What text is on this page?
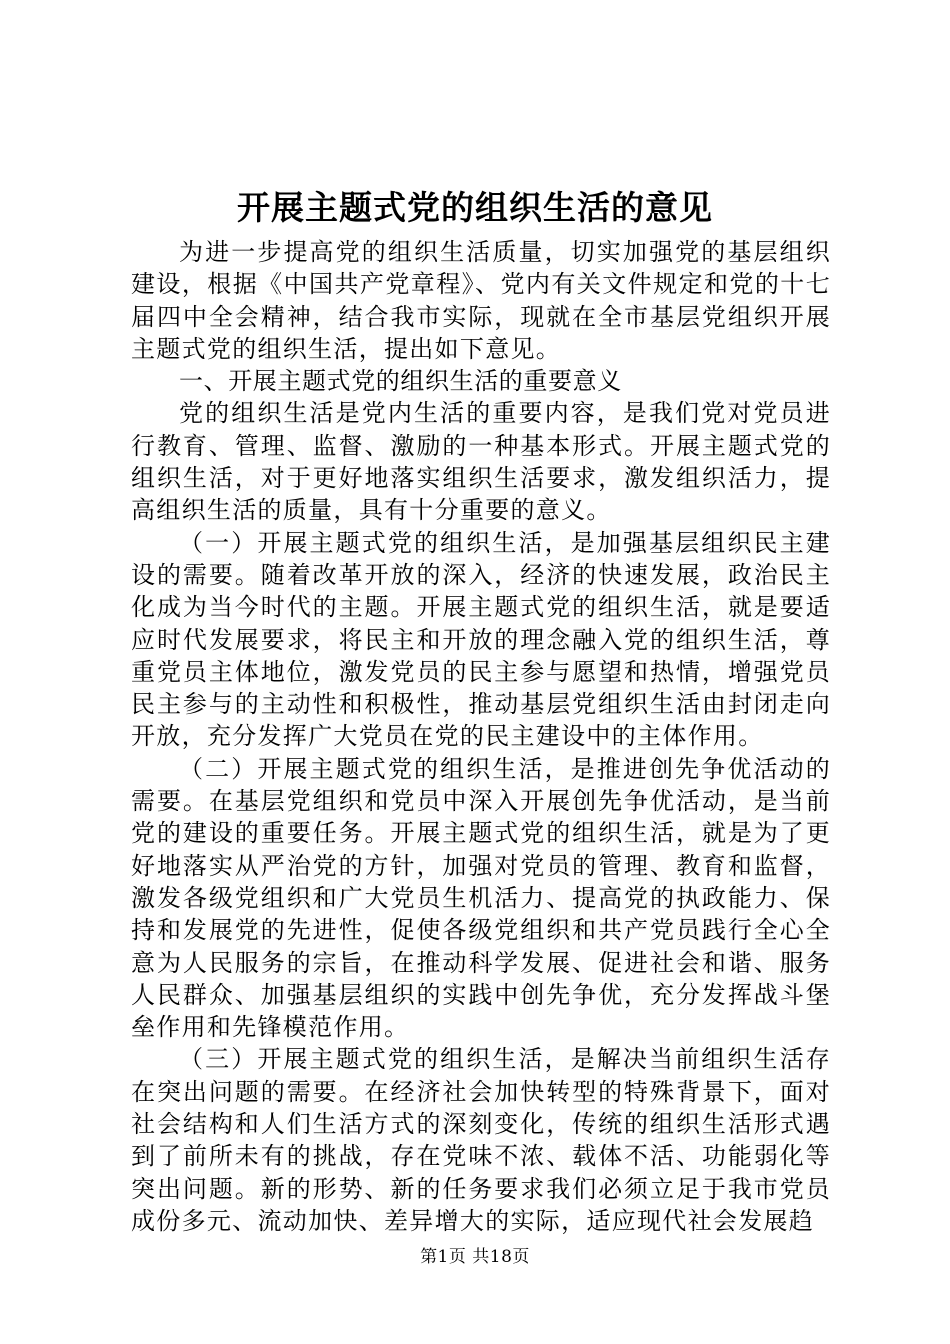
开展主题式党的组织生活的意见

为进一步提高党的组织生活质量，切实加强党的基层组织建设，根据《中国共产党章程》、党内有关文件规定和党的十七届四中全会精神，结合我市实际，现就在全市基层党组织开展主题式党的组织生活，提出如下意见。

一、开展主题式党的组织生活的重要意义

党的组织生活是党内生活的重要内容，是我们党对党员进行教育、管理、监督、激励的一种基本形式。开展主题式党的组织生活，对于更好地落实组织生活要求，激发组织活力，提高组织生活的质量，具有十分重要的意义。

（一）开展主题式党的组织生活，是加强基层组织民主建设的需要。随着改革开放的深入，经济的快速发展，政治民主化成为当今时代的主题。开展主题式党的组织生活，就是要适应时代发展要求，将民主和开放的理念融入党的组织生活，尊重党员主体地位，激发党员的民主参与愿望和热情，增强党员民主参与的主动性和积极性，推动基层党组织生活由封闭走向开放，充分发挥广大党员在党的民主建设中的主体作用。

（二）开展主题式党的组织生活，是推进创先争优活动的需要。在基层党组织和党员中深入开展创先争优活动，是当前党的建设的重要任务。开展主题式党的组织生活，就是为了更好地落实从严治党的方针，加强对党员的管理、教育和监督，激发各级党组织和广大党员生机活力、提高党的执政能力、保持和发展党的先进性，促使各级党组织和共产党员践行全心全意为人民服务的宗旨，在推动科学发展、促进社会和谐、服务人民群众、加强基层组织的实践中创先争优，充分发挥战斗堡垒作用和先锋模范作用。

（三）开展主题式党的组织生活，是解决当前组织生活存在突出问题的需要。在经济社会加快转型的特殊背景下，面对社会结构和人们生活方式的深刻变化，传统的组织生活形式遇到了前所未有的挑战，存在党味不浓、载体不活、功能弱化等突出问题。新的形势、新的任务要求我们必须立足于我市党员成份多元、流动加快、差异增大的实际，适应现代社会发展趋

第1页 共18页
